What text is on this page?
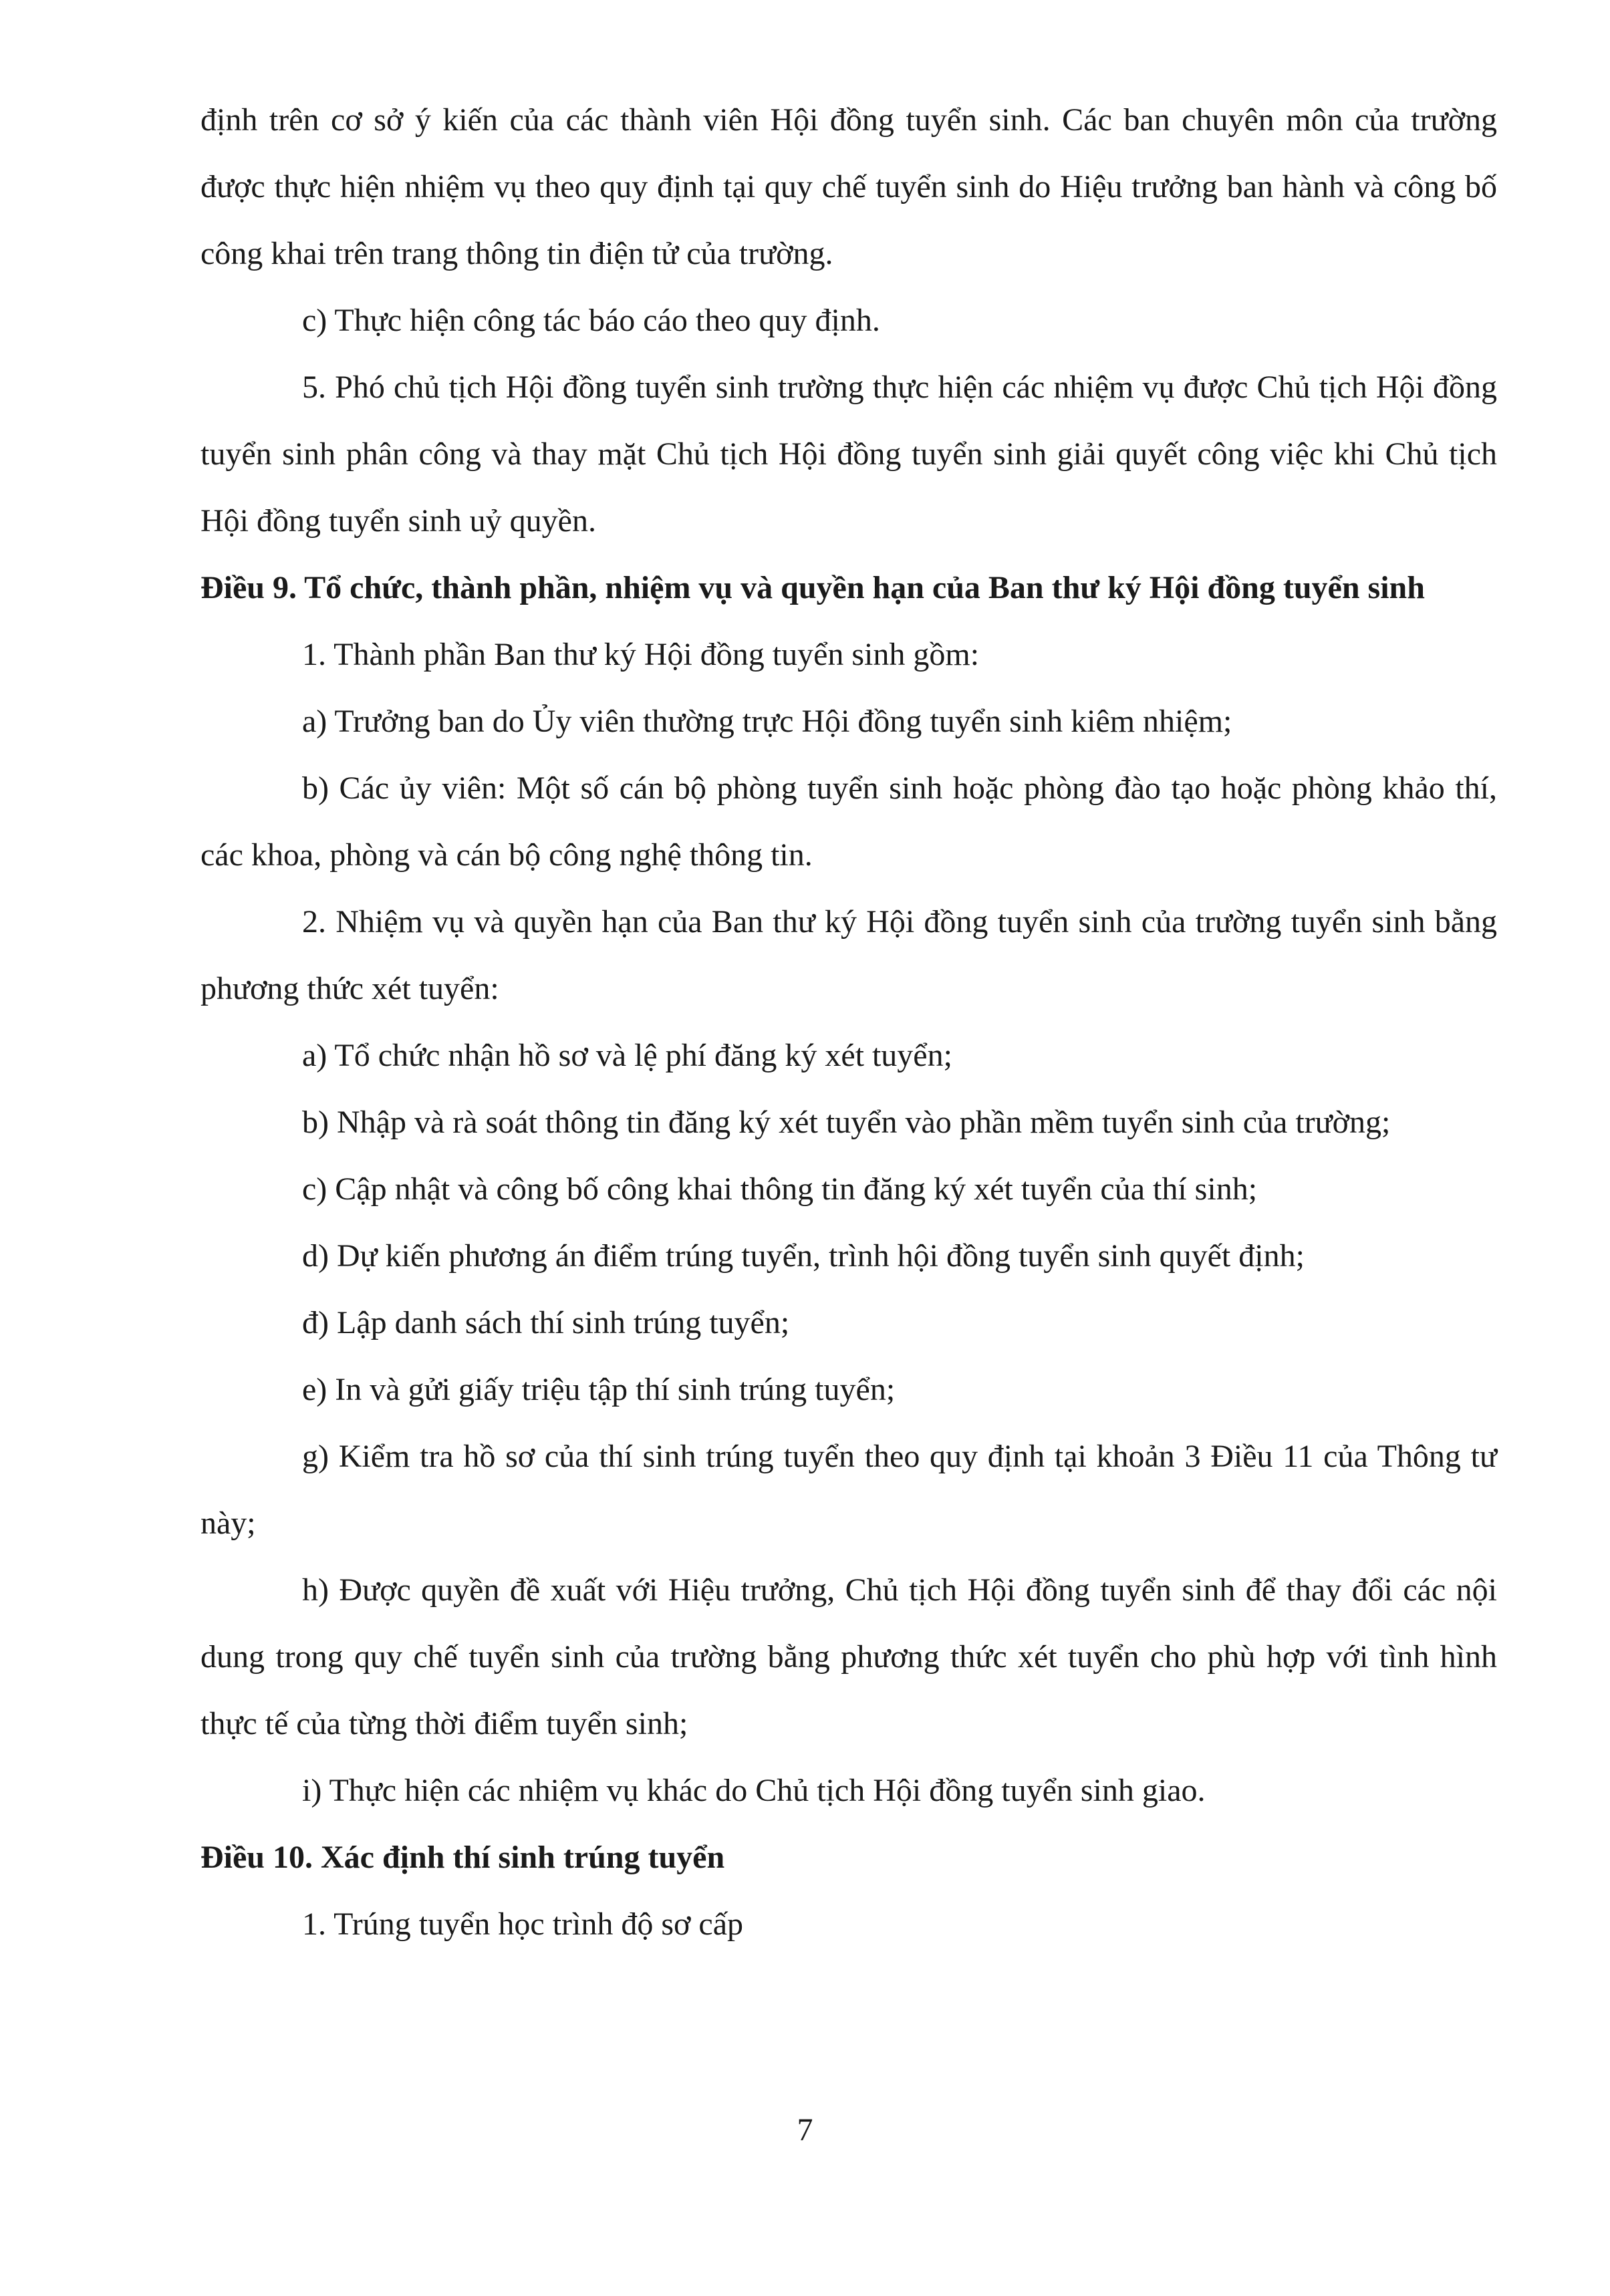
định trên cơ sở ý kiến của các thành viên Hội đồng tuyển sinh. Các ban chuyên môn của trường được thực hiện nhiệm vụ theo quy định tại quy chế tuyển sinh do Hiệu trưởng ban hành và công bố công khai trên trang thông tin điện tử của trường.

c) Thực hiện công tác báo cáo theo quy định.

5. Phó chủ tịch Hội đồng tuyển sinh trường thực hiện các nhiệm vụ được Chủ tịch Hội đồng tuyển sinh phân công và thay mặt Chủ tịch Hội đồng tuyển sinh giải quyết công việc khi Chủ tịch Hội đồng tuyển sinh uỷ quyền.

Điều 9. Tổ chức, thành phần, nhiệm vụ và quyền hạn của Ban thư ký Hội đồng tuyển sinh

1. Thành phần Ban thư ký Hội đồng tuyển sinh gồm:

a) Trưởng ban do Ủy viên thường trực Hội đồng tuyển sinh kiêm nhiệm;

b) Các ủy viên: Một số cán bộ phòng tuyển sinh hoặc phòng đào tạo hoặc phòng khảo thí, các khoa, phòng và cán bộ công nghệ thông tin.

2. Nhiệm vụ và quyền hạn của Ban thư ký Hội đồng tuyển sinh của trường tuyển sinh bằng phương thức xét tuyển:

a) Tổ chức nhận hồ sơ và lệ phí đăng ký xét tuyển;

b) Nhập và rà soát thông tin đăng ký xét tuyển vào phần mềm tuyển sinh của trường;

c) Cập nhật và công bố công khai thông tin đăng ký xét tuyển của thí sinh;

d) Dự kiến phương án điểm trúng tuyển, trình hội đồng tuyển sinh quyết định;

đ) Lập danh sách thí sinh trúng tuyển;

e) In và gửi giấy triệu tập thí sinh trúng tuyển;

g) Kiểm tra hồ sơ của thí sinh trúng tuyển theo quy định tại khoản 3 Điều 11 của Thông tư này;

h) Được quyền đề xuất với Hiệu trưởng, Chủ tịch Hội đồng tuyển sinh để thay đổi các nội dung trong quy chế tuyển sinh của trường bằng phương thức xét tuyển cho phù hợp với tình hình thực tế của từng thời điểm tuyển sinh;

i) Thực hiện các nhiệm vụ khác do Chủ tịch Hội đồng tuyển sinh giao.

Điều 10. Xác định thí sinh trúng tuyển

1. Trúng tuyển học trình độ sơ cấp

7
